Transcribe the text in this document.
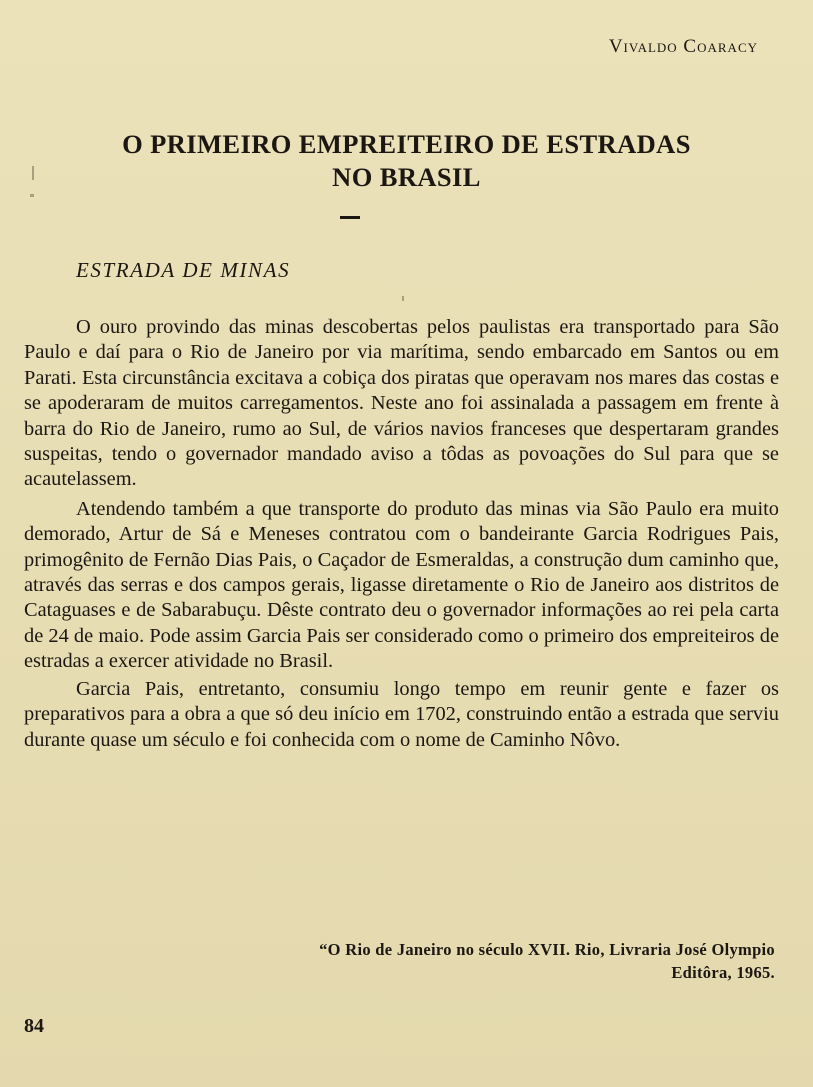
Vivaldo Coaracy
O PRIMEIRO EMPREITEIRO DE ESTRADAS
NO BRASIL
ESTRADA DE MINAS

O ouro provindo das minas descobertas pelos paulistas era transportado para São Paulo e daí para o Rio de Janeiro por via marítima, sendo embarcado em Santos ou em Parati. Esta circunstância excitava a cobiça dos piratas que operavam nos mares das costas e se apoderaram de muitos carregamentos. Neste ano foi assinalada a passagem em frente à barra do Rio de Janeiro, rumo ao Sul, de vários navios franceses que despertaram grandes suspeitas, tendo o governador mandado aviso a tôdas as povoações do Sul para que se acautelassem.

Atendendo também a que transporte do produto das minas via São Paulo era muito demorado, Artur de Sá e Meneses contratou com o bandeirante Garcia Rodrigues Pais, primogênito de Fernão Dias Pais, o Caçador de Esmeraldas, a construção dum caminho que, através das serras e dos campos gerais, ligasse diretamente o Rio de Janeiro aos distritos de Cataguases e de Sabarabuçu. Dêste contrato deu o governador informações ao rei pela carta de 24 de maio. Pode assim Garcia Pais ser considerado como o primeiro dos empreiteiros de estradas a exercer atividade no Brasil.

Garcia Pais, entretanto, consumiu longo tempo em reunir gente e fazer os preparativos para a obra a que só deu início em 1702, construindo então a estrada que serviu durante quase um século e foi conhecida com o nome de Caminho Nôvo.

“O Rio de Janeiro no século XVII. Rio, Livraria José Olympio
Editôra, 1965.
84
